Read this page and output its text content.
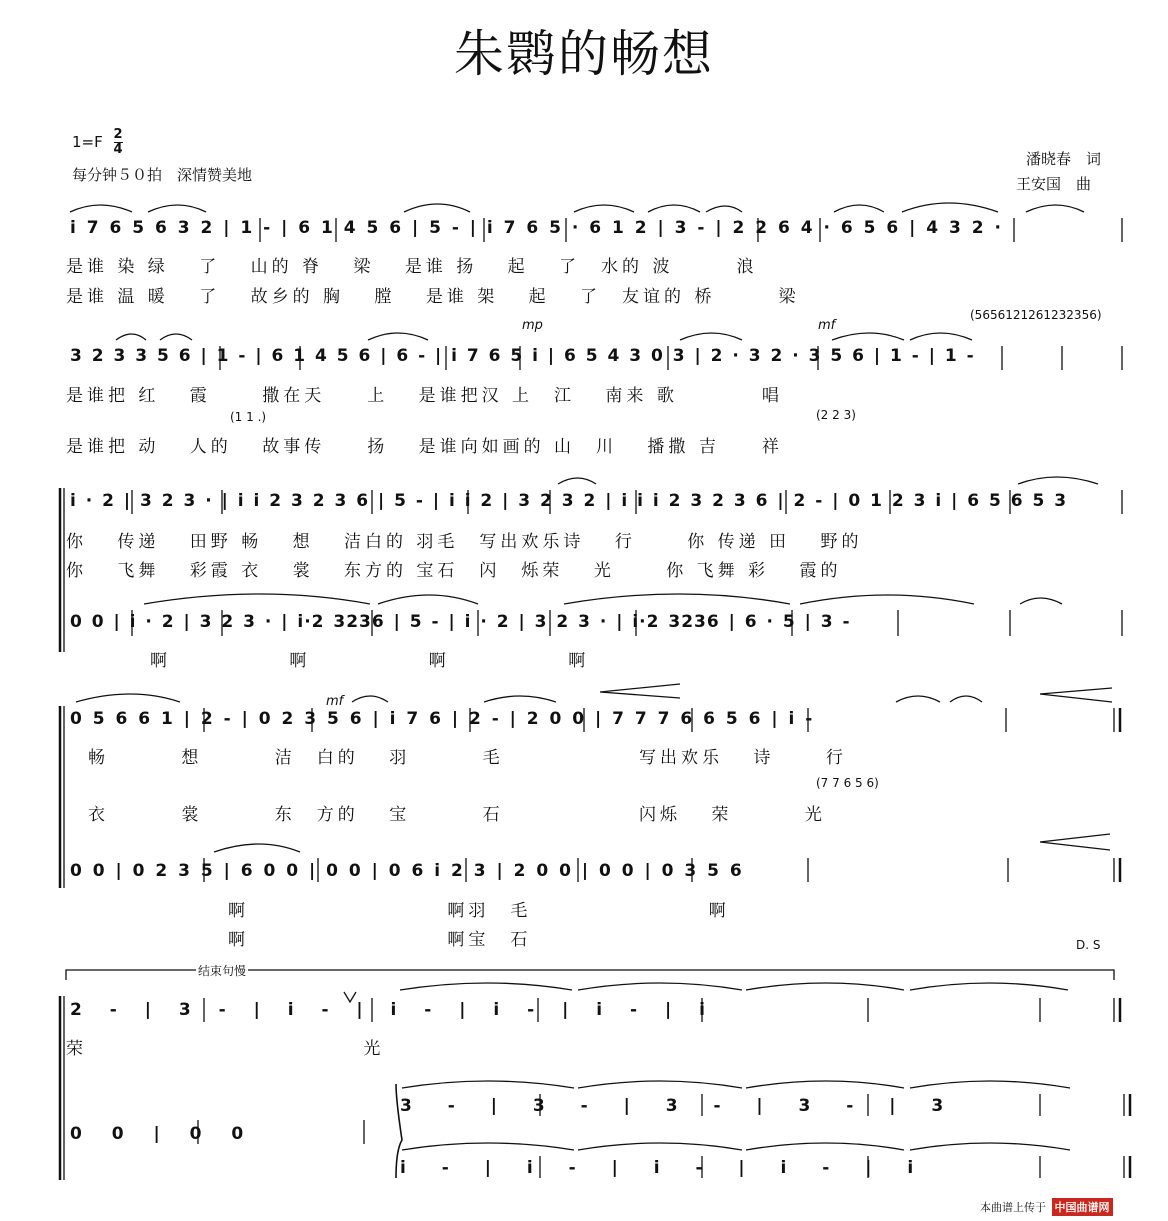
朱鹮的畅想
$1=F \frac{2}{4}$
每分钟５０拍　深情赞美地
潘晓春　词
王安国　曲
i 7 6 5 6 3 2 | 1 - | 6 1 4 5 6 | 5 - | i 7 6 5 · 6 1 2 | 3 - | 2 2 6 4 · 6 5 6 | 4 3 2 ·
是谁 染 绿　 了　 山的 脊　 梁　 是谁 扬　 起　 了　水的 波　　　浪
是谁 温 暖　 了　 故乡的 胸　 膛　 是谁 架　 起　 了　友谊的 桥　　　梁
(5656121261232356)
mp	mf
3 2 3 3 5 6 | 1 - | 6 1 4 5 6 | 6 - | i 7 6 5 i | 6 5 4 3 0 3 | 2 · 3 2 · 3 5 6 | 1 - | 1 -
是谁把 红　 霞　　 撒在天　　上　 是谁把汉 上　江　 南来 歌　　　　唱
(1 1 .)	(2 2 3)
是谁把 动　 人的　 故事传　　扬　 是谁向如画的 山　川　 播撒 吉　　祥
i · 2 | 3 2 3 · | i i 2 3 2 3 6 | 5 - | i i 2 | 3 2 3 2 | i i i 2 3 2 3 6 | 2 - | 0 1 2 3 i | 6 5 6 5 3
你　 传递　 田野 畅　 想　 洁白的 羽毛　写出欢乐诗　 行　　 你 传递 田　 野的
你　 飞舞　 彩霞 衣　 裳　 东方的 宝石　闪　烁荣　 光　　 你 飞舞 彩　 霞的
0 0 | i · 2 | 3 2 3 · | i·2 3236 | 5 - | i · 2 | 3 2 3 · | i·2 3236 | 6 · 5 | 3 -
啊　　　　　 啊　　　　　 啊　　　　　 啊
mf
0 5 6 6 1 | 2 - | 0 2 3 5 6 | i 7 6 | 2 - | 2 0 0 | 7 7 7 6 6 5 6 | i -
畅　　　 想　　　 洁　白的　 羽　　　 毛　　　　　　 写出欢乐　 诗　　 行
(7 7 6 5 6)
衣　　　 裳　　　 东　方的　 宝　　　 石　　　　　　 闪烁　 荣　　　 光
0 0 | 0 2 3 5 | 6 0 0 | 0 0 | 0 6 i 2 3 | 2 0 0 | 0 0 | 0 3 5 6
啊　　　　　　　　　 啊羽　毛　　　　　　　　 啊
啊　　　　　　　　　 啊宝　石	D. S
结束句慢
2 - | 3 - | i - | i - | i - | i - | i
荣　　　　　　　 光
3 - | 3 - | 3 - | 3 - | 3
0 0 | 0 0
i - | i - | i - | i - | i
本曲谱上传于 中国曲谱网
